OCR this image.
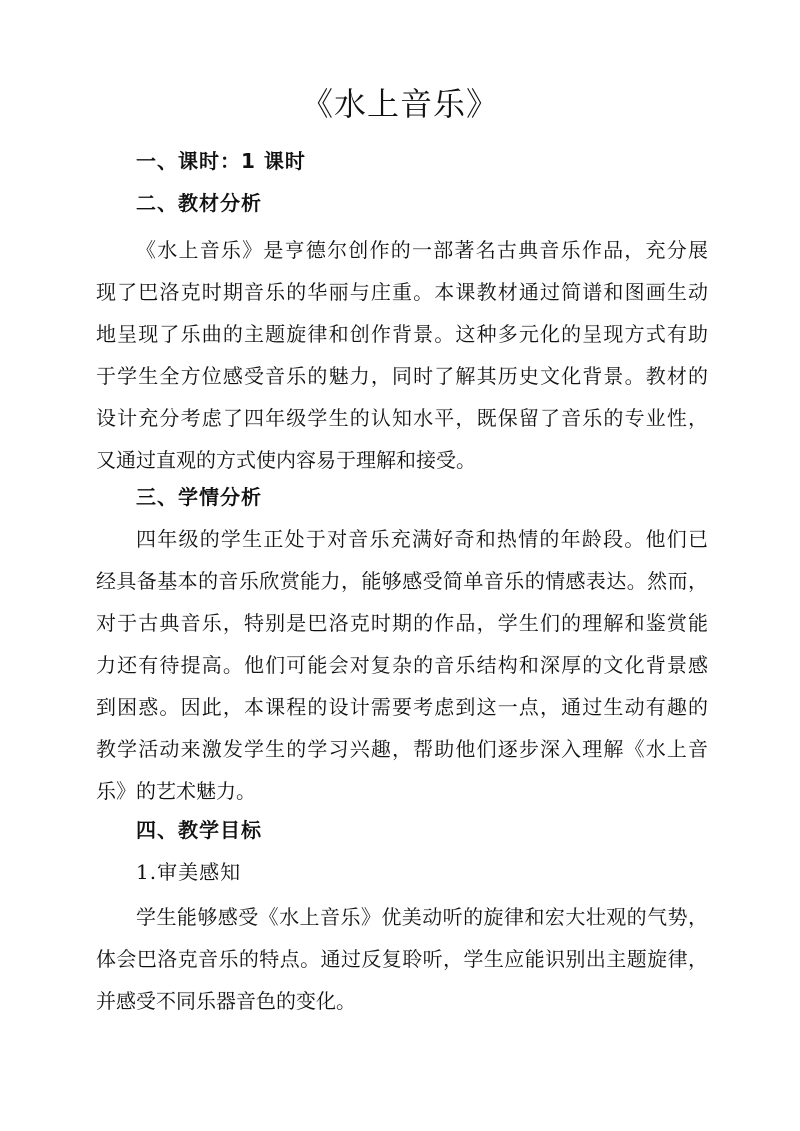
《水上音乐》
一、课时：1 课时
二、教材分析
《水上音乐》是亨德尔创作的一部著名古典音乐作品，充分展
现了巴洛克时期音乐的华丽与庄重。本课教材通过简谱和图画生动
地呈现了乐曲的主题旋律和创作背景。这种多元化的呈现方式有助
于学生全方位感受音乐的魅力，同时了解其历史文化背景。教材的
设计充分考虑了四年级学生的认知水平，既保留了音乐的专业性，
又通过直观的方式使内容易于理解和接受。
三、学情分析
四年级的学生正处于对音乐充满好奇和热情的年龄段。他们已
经具备基本的音乐欣赏能力，能够感受简单音乐的情感表达。然而，
对于古典音乐，特别是巴洛克时期的作品，学生们的理解和鉴赏能
力还有待提高。他们可能会对复杂的音乐结构和深厚的文化背景感
到困惑。因此，本课程的设计需要考虑到这一点，通过生动有趣的
教学活动来激发学生的学习兴趣，帮助他们逐步深入理解《水上音
乐》的艺术魅力。
四、教学目标
1.审美感知
学生能够感受《水上音乐》优美动听的旋律和宏大壮观的气势，
体会巴洛克音乐的特点。通过反复聆听，学生应能识别出主题旋律，
并感受不同乐器音色的变化。
